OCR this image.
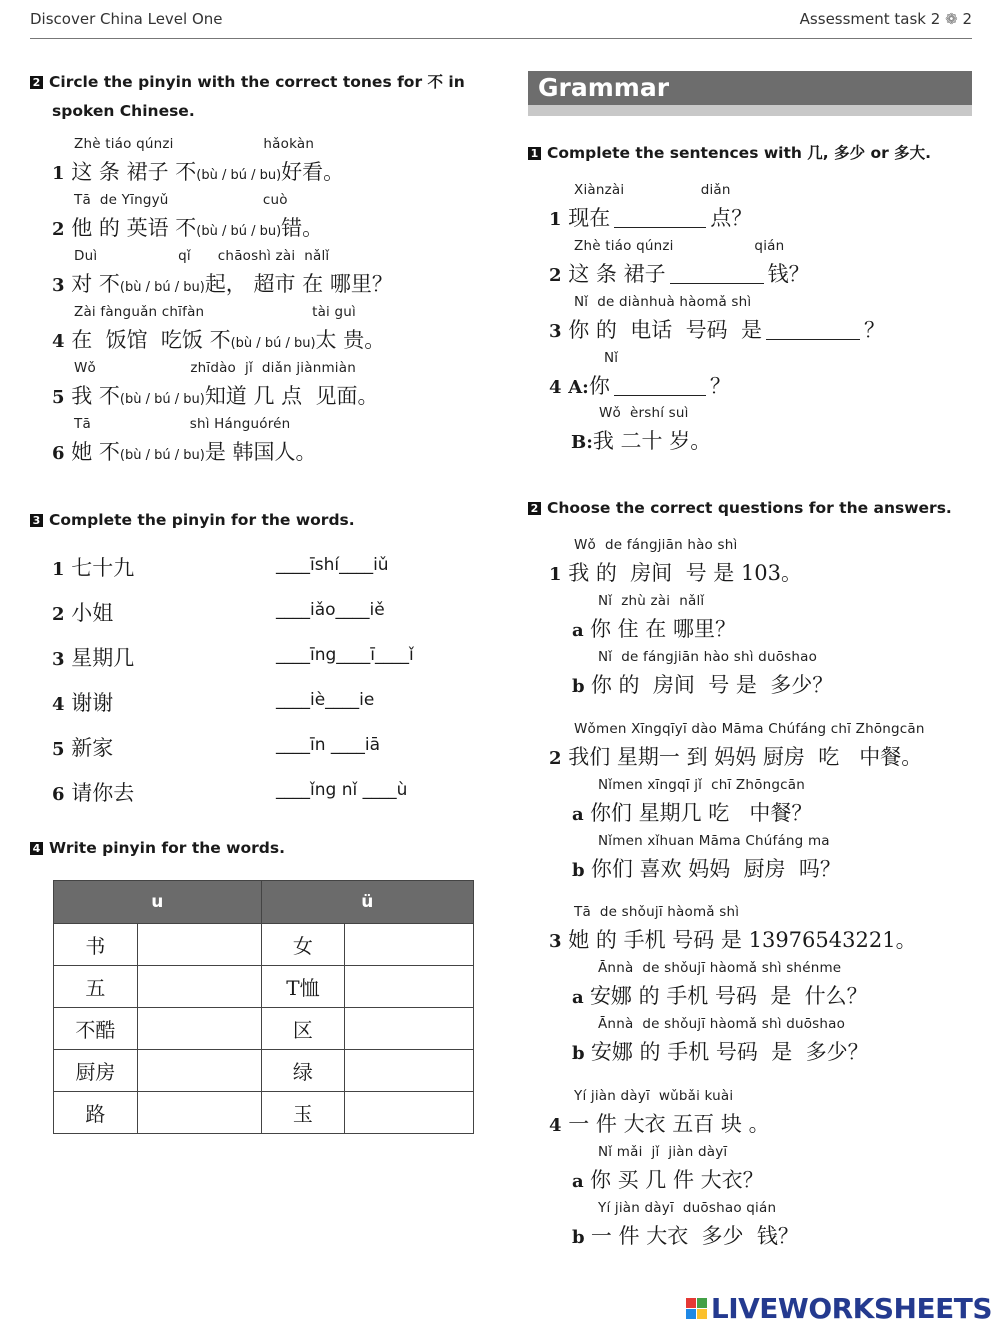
Discover China Level One	Assessment task 2 ❁ 2
2 Circle the pinyin with the correct tones for 不 in
spoken Chinese.
Zhè tiáo qúnzi                    hǎokàn
1 这 条 裙子 不(bù / bú / bu)好看。
Tā  de Yīngyǔ                     cuò
2 他 的 英语 不(bù / bú / bu)错。
Duì                  qǐ      chāoshì zài  nǎlǐ
3 对 不(bù / bú / bu)起， 超市 在 哪里？
Zài fànguǎn chīfàn                        tài guì
4 在  饭馆  吃饭 不(bù / bú / bu)太 贵。
Wǒ                     zhīdào  jǐ  diǎn jiànmiàn
5 我 不(bù / bú / bu)知道 几 点  见面。
Tā                      shì Hánguórén
6 她 不(bù / bú / bu)是 韩国人。
3 Complete the pinyin for the words.
1 七十九	____īshí____iǔ
2 小姐	____iǎo____iě
3 星期几	____īng____ī____ǐ
4 谢谢	____iè____ie
5 新家	____īn ____iā
6 请你去	____ǐng nǐ ____ù
4 Write pinyin for the words.
u		ü	
书		女	
五		T恤	
不酷		区	
厨房		绿	
路		玉	
Grammar
1 Complete the sentences with 几, 多少 or 多大.
Xiànzài                 diǎn
1 现在	点？
Zhè tiáo qúnzi                  qián
2 这 条 裙子	钱？
Nǐ  de diànhuà hàomǎ shì
3 你 的  电话  号码  是	？
Nǐ
4 A:你	？
Wǒ  èrshí suì
B:我 二十 岁。
2 Choose the correct questions for the answers.
Wǒ  de fángjiān hào shì
1 我 的  房间  号 是 103。
Nǐ  zhù zài  nǎlǐ
a 你 住 在 哪里？
Nǐ  de fángjiān hào shì duōshao
b 你 的  房间  号 是  多少？
Wǒmen Xīngqīyī dào Māma Chúfáng chī Zhōngcān
2 我们 星期一 到 妈妈 厨房  吃   中餐。
Nǐmen xīngqī jǐ  chī Zhōngcān
a 你们 星期几 吃   中餐？
Nǐmen xǐhuan Māma Chúfáng ma
b 你们 喜欢 妈妈  厨房  吗？
Tā  de shǒujī hàomǎ shì
3 她 的 手机 号码 是 13976543221。
Ānnà  de shǒujī hàomǎ shì shénme
a 安娜 的 手机 号码  是  什么？
Ānnà  de shǒujī hàomǎ shì duōshao
b 安娜 的 手机 号码  是  多少？
Yí jiàn dàyī  wǔbǎi kuài
4 一 件 大衣 五百 块 。
Nǐ mǎi  jǐ  jiàn dàyī
a 你 买 几 件 大衣？
Yí jiàn dàyī  duōshao qián
b 一 件 大衣  多少  钱？
LIVEWORKSHEETS
